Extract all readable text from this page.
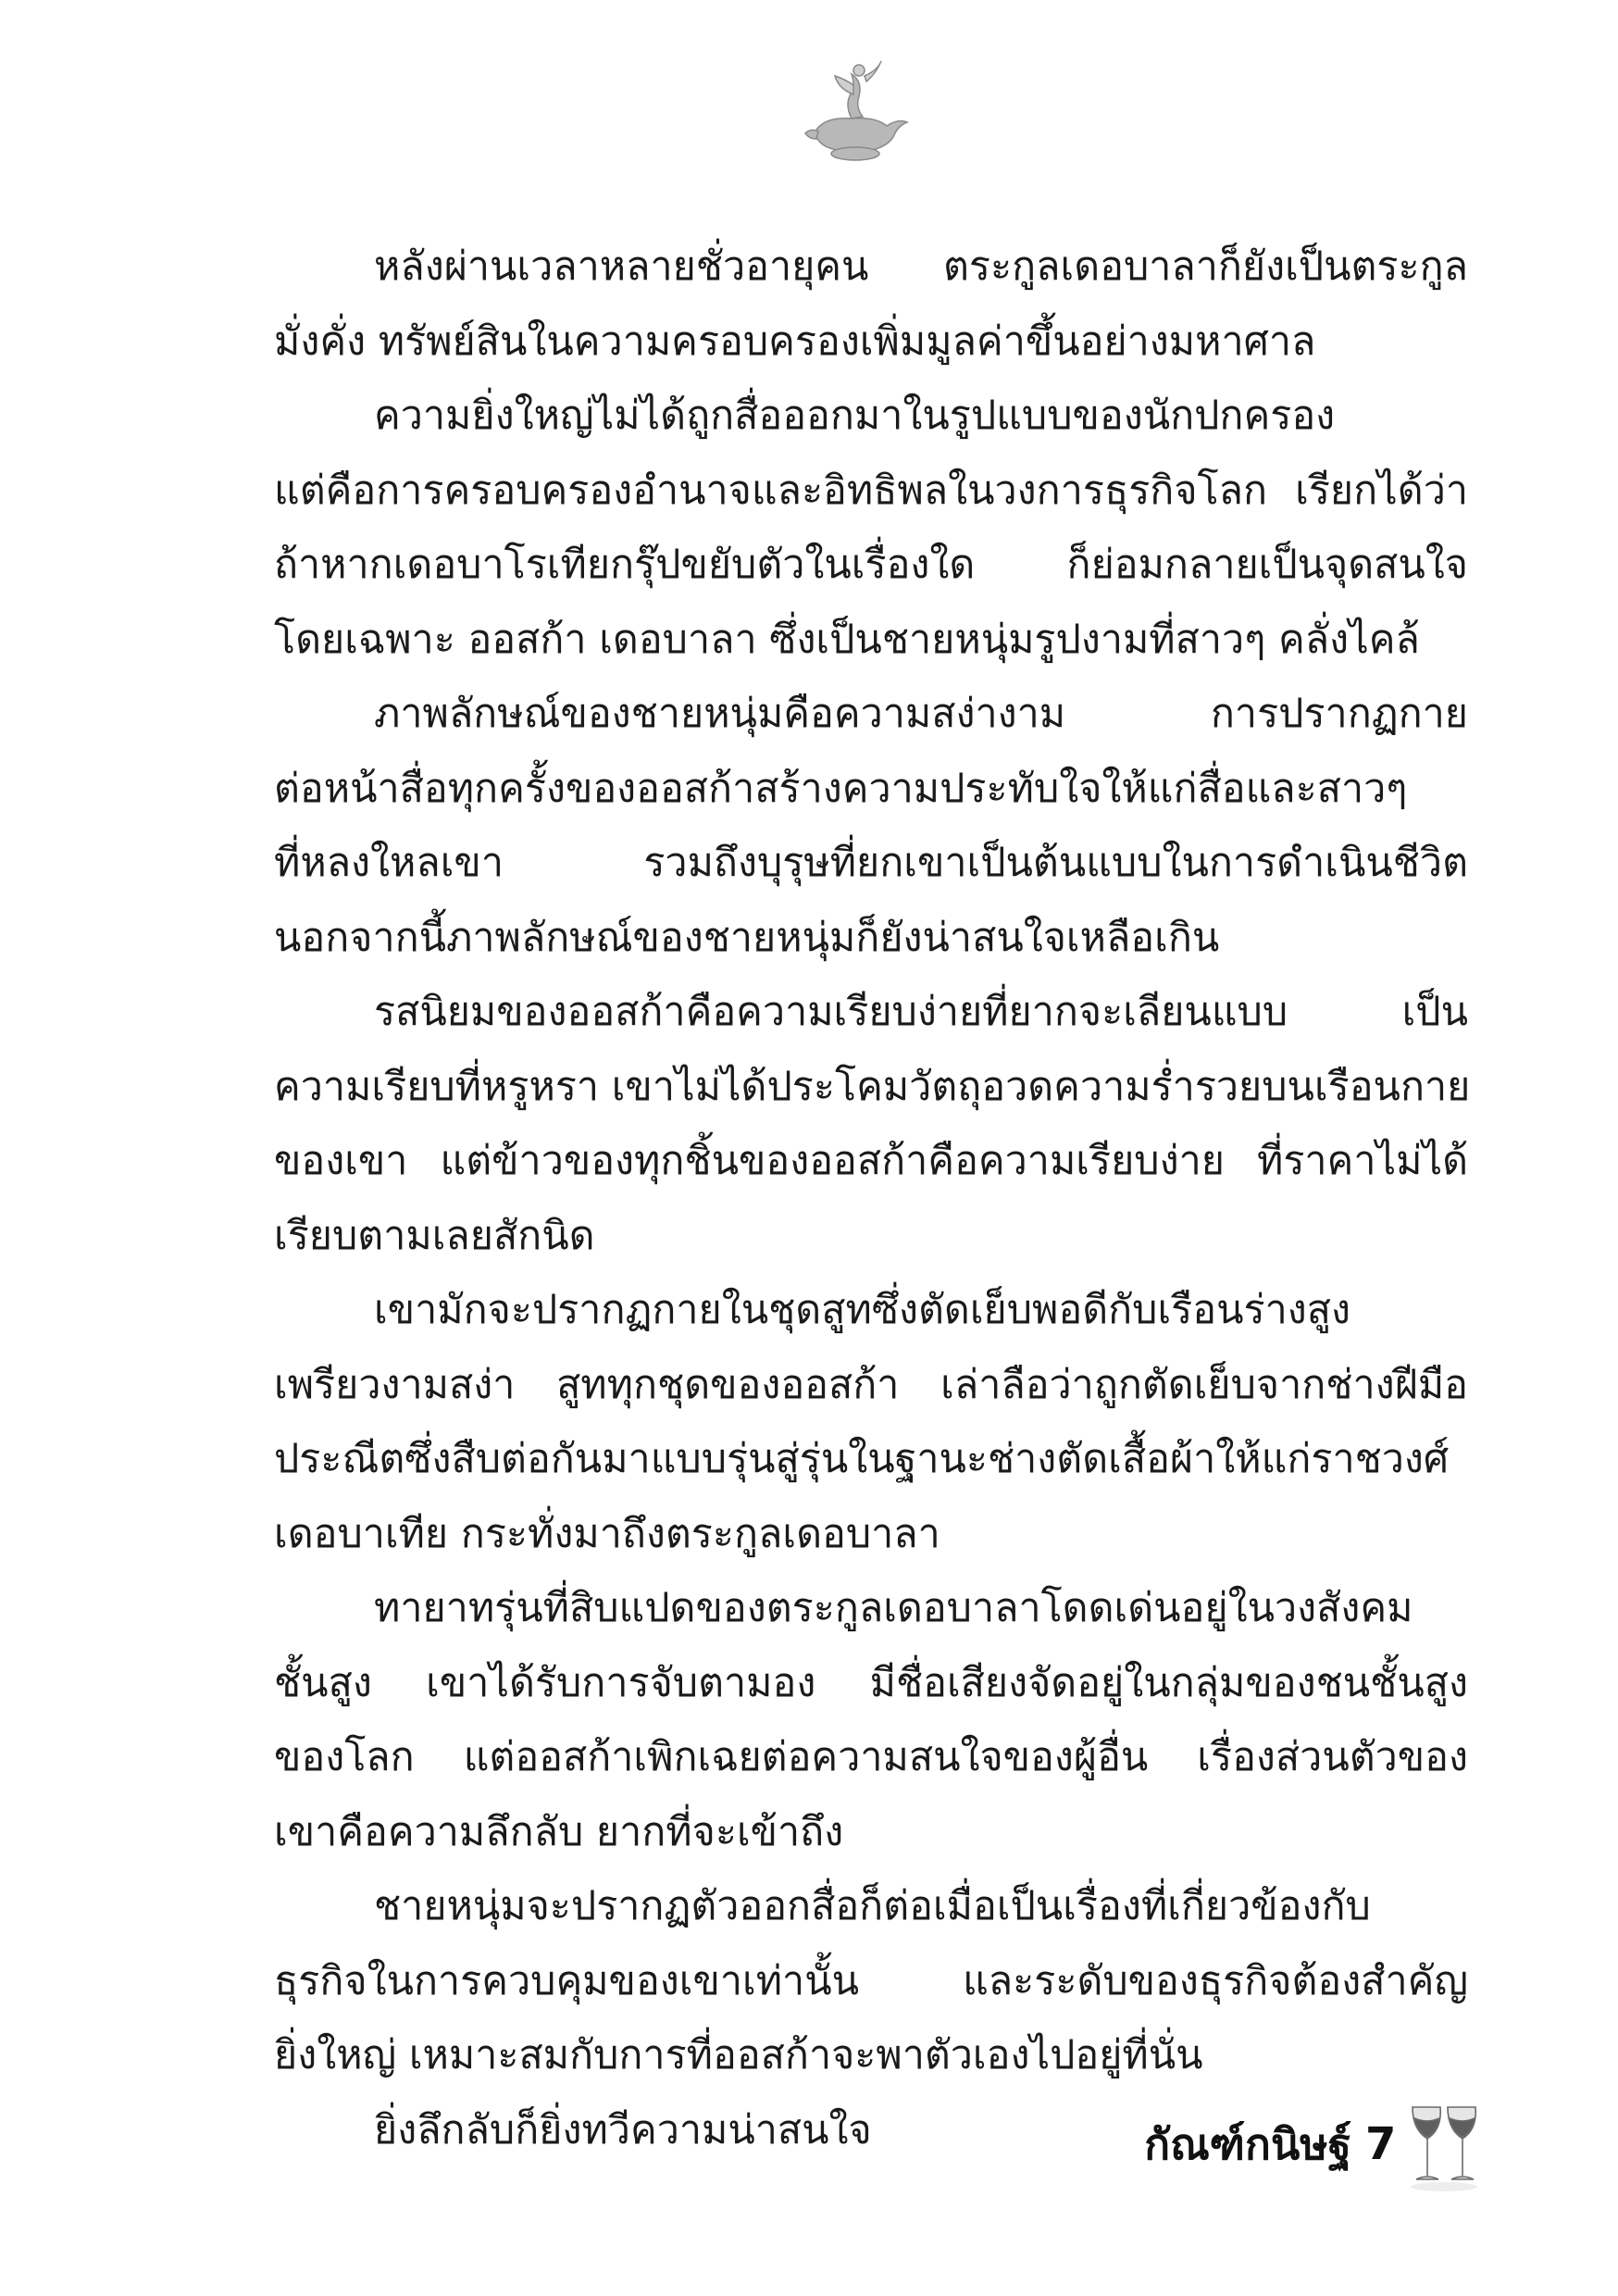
หลังผ่านเวลาหลายชั่วอายุคน ตระกูลเดอบาลาก็ยังเป็นตระกูล
มั่งคั่ง ทรัพย์สินในความครอบครองเพิ่มมูลค่าขึ้นอย่างมหาศาล
ความยิ่งใหญ่ไม่ได้ถูกสื่อออกมาในรูปแบบของนักปกครอง
แต่คือการครอบครองอำนาจและอิทธิพลในวงการธุรกิจโลก เรียกได้ว่า
ถ้าหากเดอบาโรเทียกรุ๊ปขยับตัวในเรื่องใด ก็ย่อมกลายเป็นจุดสนใจ
โดยเฉพาะ ออสก้า เดอบาลา ซึ่งเป็นชายหนุ่มรูปงามที่สาวๆ คลั่งไคล้
ภาพลักษณ์ของชายหนุ่มคือความสง่างาม การปรากฏกาย
ต่อหน้าสื่อทุกครั้งของออสก้าสร้างความประทับใจให้แก่สื่อและสาวๆ
ที่หลงใหลเขา รวมถึงบุรุษที่ยกเขาเป็นต้นแบบในการดำเนินชีวิต
นอกจากนี้ภาพลักษณ์ของชายหนุ่มก็ยังน่าสนใจเหลือเกิน
รสนิยมของออสก้าคือความเรียบง่ายที่ยากจะเลียนแบบ เป็น
ความเรียบที่หรูหรา เขาไม่ได้ประโคมวัตถุอวดความร่ำรวยบนเรือนกาย
ของเขา แต่ข้าวของทุกชิ้นของออสก้าคือความเรียบง่าย ที่ราคาไม่ได้
เรียบตามเลยสักนิด
เขามักจะปรากฏกายในชุดสูทซึ่งตัดเย็บพอดีกับเรือนร่างสูง
เพรียวงามสง่า สูททุกชุดของออสก้า เล่าลือว่าถูกตัดเย็บจากช่างฝีมือ
ประณีตซึ่งสืบต่อกันมาแบบรุ่นสู่รุ่นในฐานะช่างตัดเสื้อผ้าให้แก่ราชวงศ์
เดอบาเทีย กระทั่งมาถึงตระกูลเดอบาลา
ทายาทรุ่นที่สิบแปดของตระกูลเดอบาลาโดดเด่นอยู่ในวงสังคม
ชั้นสูง เขาได้รับการจับตามอง มีชื่อเสียงจัดอยู่ในกลุ่มของชนชั้นสูง
ของโลก แต่ออสก้าเพิกเฉยต่อความสนใจของผู้อื่น เรื่องส่วนตัวของ
เขาคือความลึกลับ ยากที่จะเข้าถึง
ชายหนุ่มจะปรากฏตัวออกสื่อก็ต่อเมื่อเป็นเรื่องที่เกี่ยวข้องกับ
ธุรกิจในการควบคุมของเขาเท่านั้น และระดับของธุรกิจต้องสำคัญ
ยิ่งใหญ่ เหมาะสมกับการที่ออสก้าจะพาตัวเองไปอยู่ที่นั่น
ยิ่งลึกลับก็ยิ่งทวีความน่าสนใจ	กัณฑ์กนิษฐ์ 7
